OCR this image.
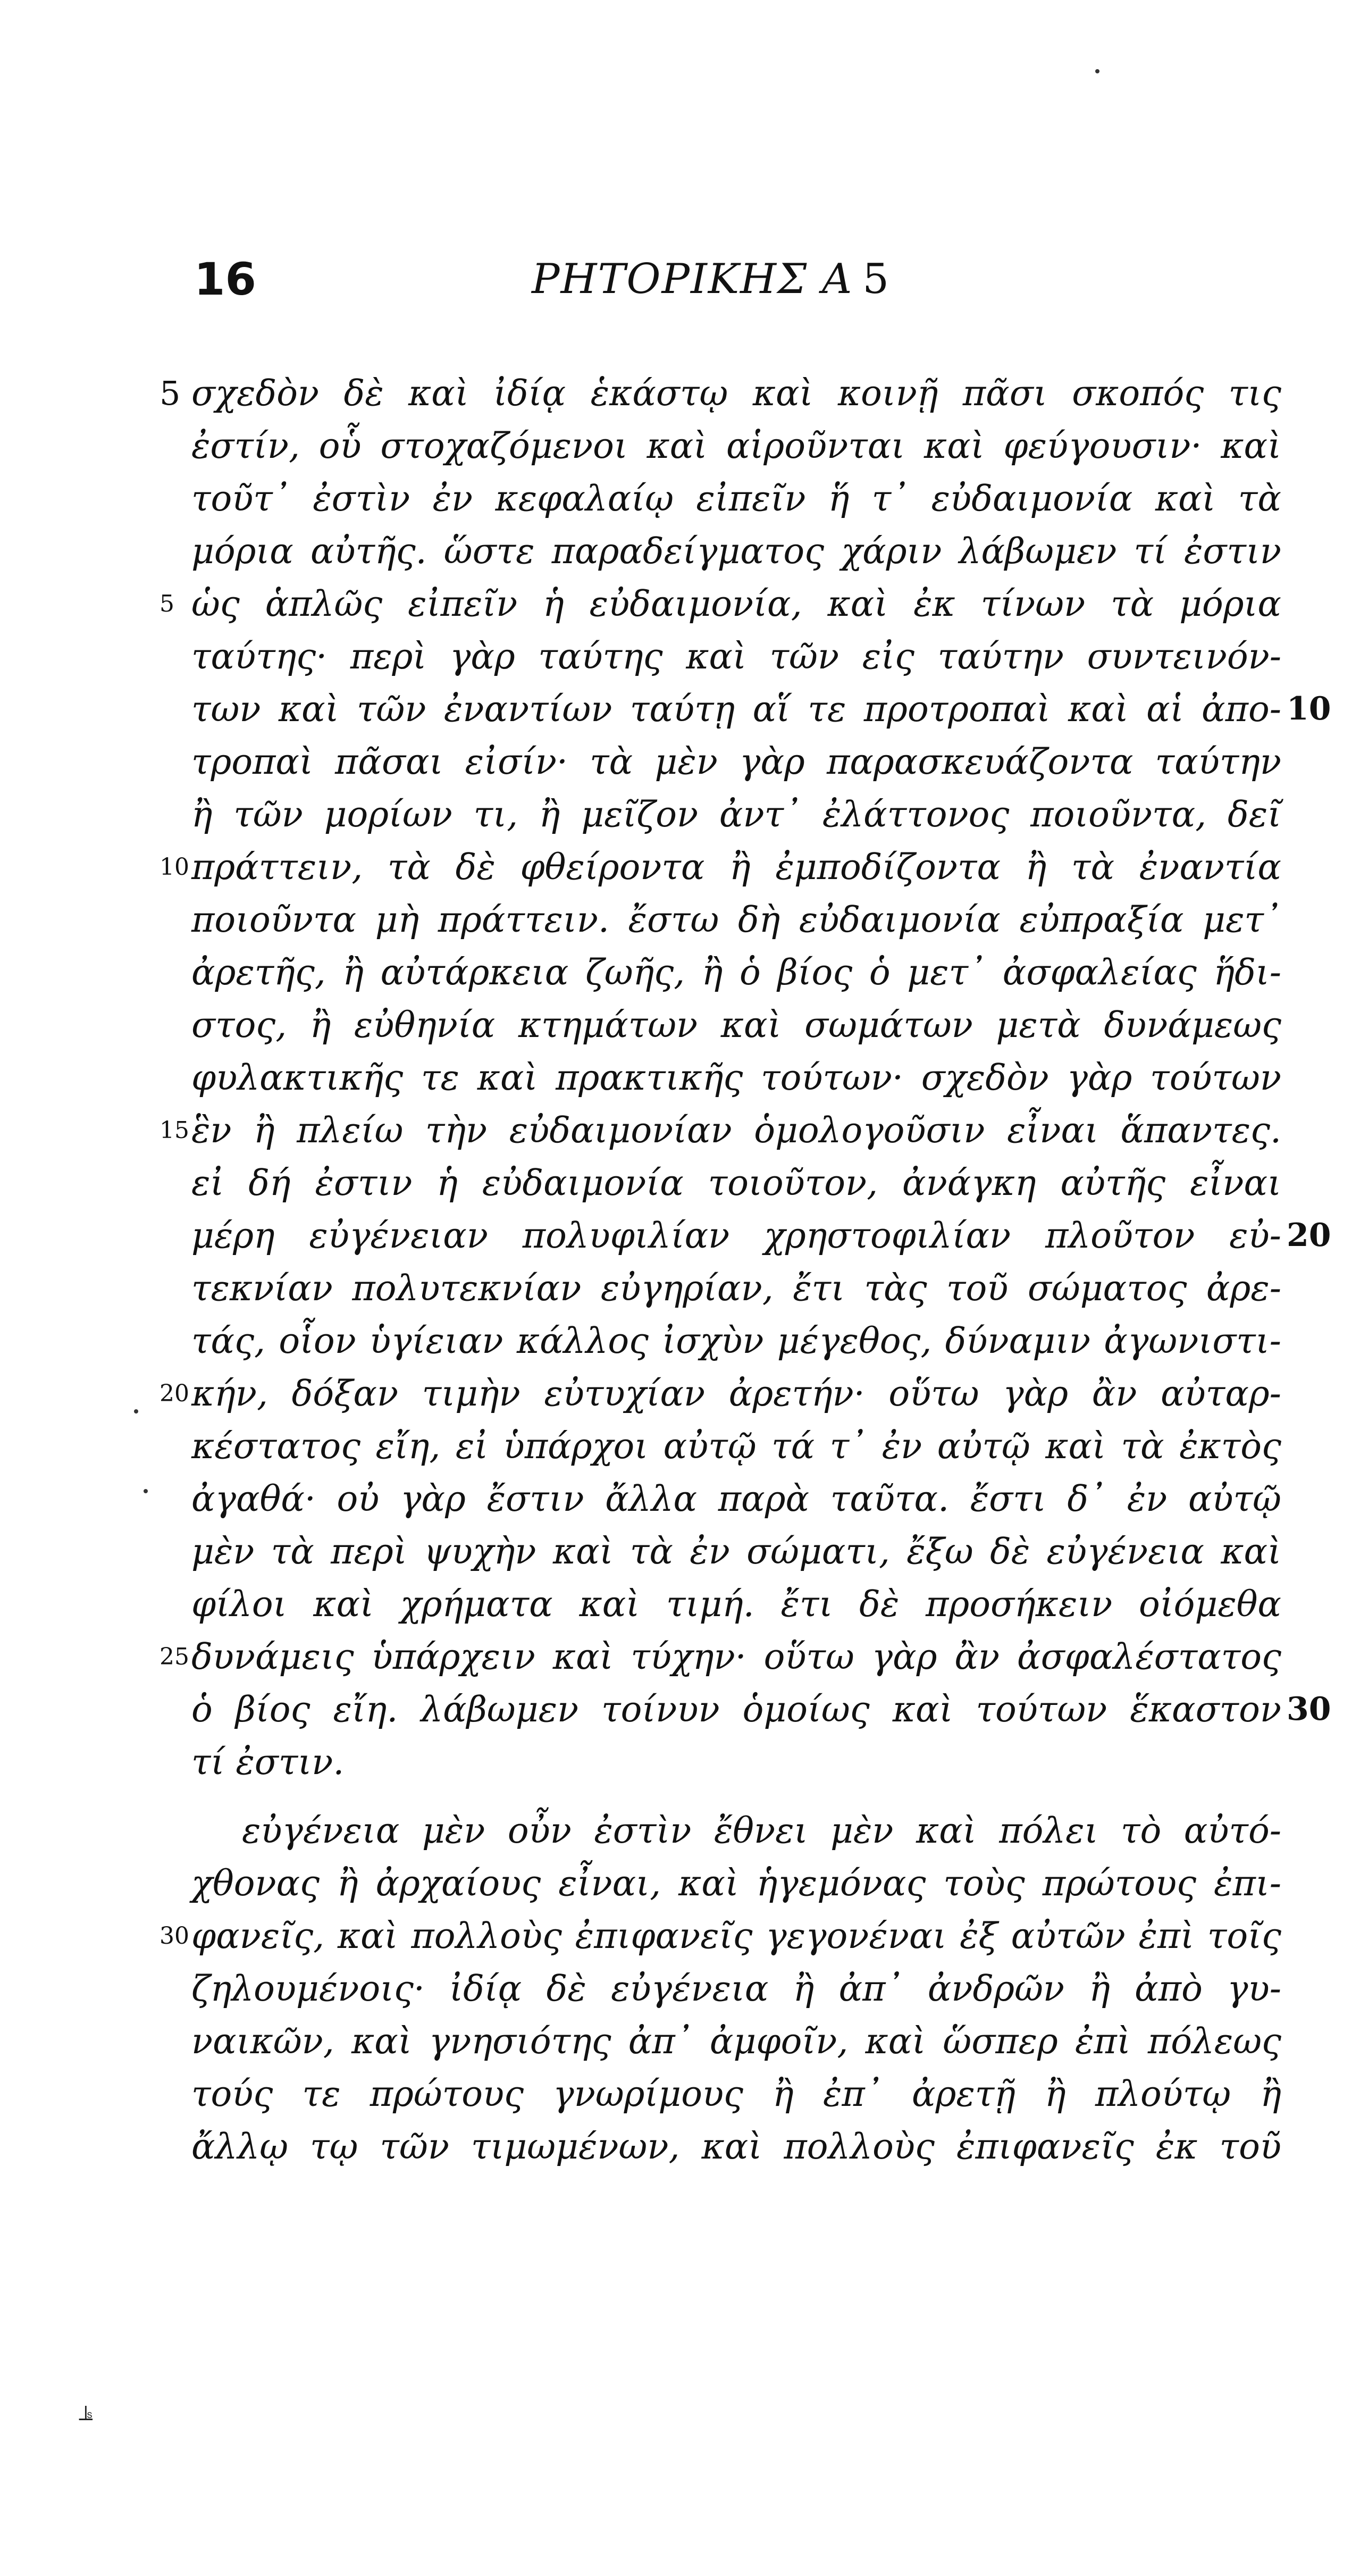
16	ΡΗΤΟΡΙΚΗΣ Α 5
5 σχεδὸν δὲ καὶ ἰδίᾳ ἑκάστῳ καὶ κοινῇ πᾶσι σκοπός τις
ἐστίν, οὗ στοχαζόμενοι καὶ αἱροῦνται καὶ φεύγουσιν· καὶ
τοῦτ᾽ ἐστὶν ἐν κεφαλαίῳ εἰπεῖν ἥ τ᾽ εὐδαιμονία καὶ τὰ
μόρια αὐτῆς. ὥστε παραδείγματος χάριν λάβωμεν τί ἐστιν
5 ὡς ἁπλῶς εἰπεῖν ἡ εὐδαιμονία, καὶ ἐκ τίνων τὰ μόρια
ταύτης· περὶ γὰρ ταύτης καὶ τῶν εἰς ταύτην συντεινόν-
των καὶ τῶν ἐναντίων ταύτῃ αἵ τε προτροπαὶ καὶ αἱ ἀπο- 10
τροπαὶ πᾶσαι εἰσίν· τὰ μὲν γὰρ παρασκευάζοντα ταύτην
ἢ τῶν μορίων τι, ἢ μεῖζον ἀντ᾽ ἐλάττονος ποιοῦντα, δεῖ
10 πράττειν, τὰ δὲ φθείροντα ἢ ἐμποδίζοντα ἢ τὰ ἐναντία
ποιοῦντα μὴ πράττειν. ἔστω δὴ εὐδαιμονία εὐπραξία μετ᾽
ἀρετῆς, ἢ αὐτάρκεια ζωῆς, ἢ ὁ βίος ὁ μετ᾽ ἀσφαλείας ἥδι-
στος, ἢ εὐθηνία κτημάτων καὶ σωμάτων μετὰ δυνάμεως
φυλακτικῆς τε καὶ πρακτικῆς τούτων· σχεδὸν γὰρ τούτων
15 ἓν ἢ πλείω τὴν εὐδαιμονίαν ὁμολογοῦσιν εἶναι ἅπαντες.
εἰ δή ἐστιν ἡ εὐδαιμονία τοιοῦτον, ἀνάγκη αὐτῆς εἶναι
μέρη εὐγένειαν πολυφιλίαν χρηστοφιλίαν πλοῦτον εὐ- 20
τεκνίαν πολυτεκνίαν εὐγηρίαν, ἔτι τὰς τοῦ σώματος ἀρε-
τάς, οἷον ὑγίειαν κάλλος ἰσχὺν μέγεθος, δύναμιν ἀγωνιστι-
20 κήν, δόξαν τιμὴν εὐτυχίαν ἀρετήν· οὕτω γὰρ ἂν αὐταρ-
κέστατος εἴη, εἰ ὑπάρχοι αὐτῷ τά τ᾽ ἐν αὐτῷ καὶ τὰ ἐκτὸς
ἀγαθά· οὐ γὰρ ἔστιν ἄλλα παρὰ ταῦτα. ἔστι δ᾽ ἐν αὐτῷ
μὲν τὰ περὶ ψυχὴν καὶ τὰ ἐν σώματι, ἔξω δὲ εὐγένεια καὶ
φίλοι καὶ χρήματα καὶ τιμή. ἔτι δὲ προσήκειν οἰόμεθα
25 δυνάμεις ὑπάρχειν καὶ τύχην· οὕτω γὰρ ἂν ἀσφαλέστατος
ὁ βίος εἴη. λάβωμεν τοίνυν ὁμοίως καὶ τούτων ἕκαστον 30
τί ἐστιν.
εὐγένεια μὲν οὖν ἐστὶν ἔθνει μὲν καὶ πόλει τὸ αὐτό-
χθονας ἢ ἀρχαίους εἶναι, καὶ ἡγεμόνας τοὺς πρώτους ἐπι-
30 φανεῖς, καὶ πολλοὺς ἐπιφανεῖς γεγονέναι ἐξ αὐτῶν ἐπὶ τοῖς
ζηλουμένοις· ἰδίᾳ δὲ εὐγένεια ἢ ἀπ᾽ ἀνδρῶν ἢ ἀπὸ γυ-
ναικῶν, καὶ γνησιότης ἀπ᾽ ἀμφοῖν, καὶ ὥσπερ ἐπὶ πόλεως
τούς τε πρώτους γνωρίμους ἢ ἐπ᾽ ἀρετῇ ἢ πλούτῳ ἢ
ἄλλῳ τῳ τῶν τιμωμένων, καὶ πολλοὺς ἐπιφανεῖς ἐκ τοῦ
⫡
